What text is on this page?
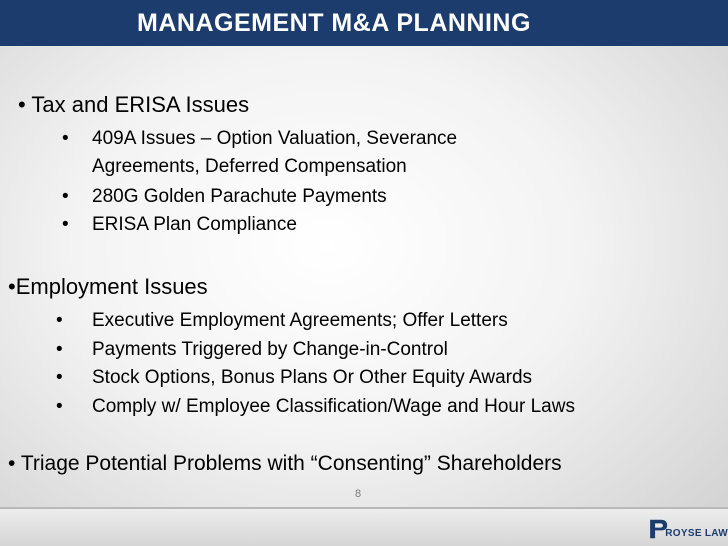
MANAGEMENT M&A PLANNING
• Tax and ERISA Issues
•	409A Issues – Option Valuation, Severance
Agreements, Deferred Compensation
•	280G Golden Parachute Payments
•	ERISA Plan Compliance
•Employment Issues
•	Executive Employment Agreements; Offer Letters
•	Payments Triggered by Change-in-Control
•	Stock Options, Bonus Plans Or Other Equity Awards
•	Comply w/ Employee Classification/Wage and Hour Laws
• Triage Potential Problems with “Consenting” Shareholders
8
ROYSE LAW
